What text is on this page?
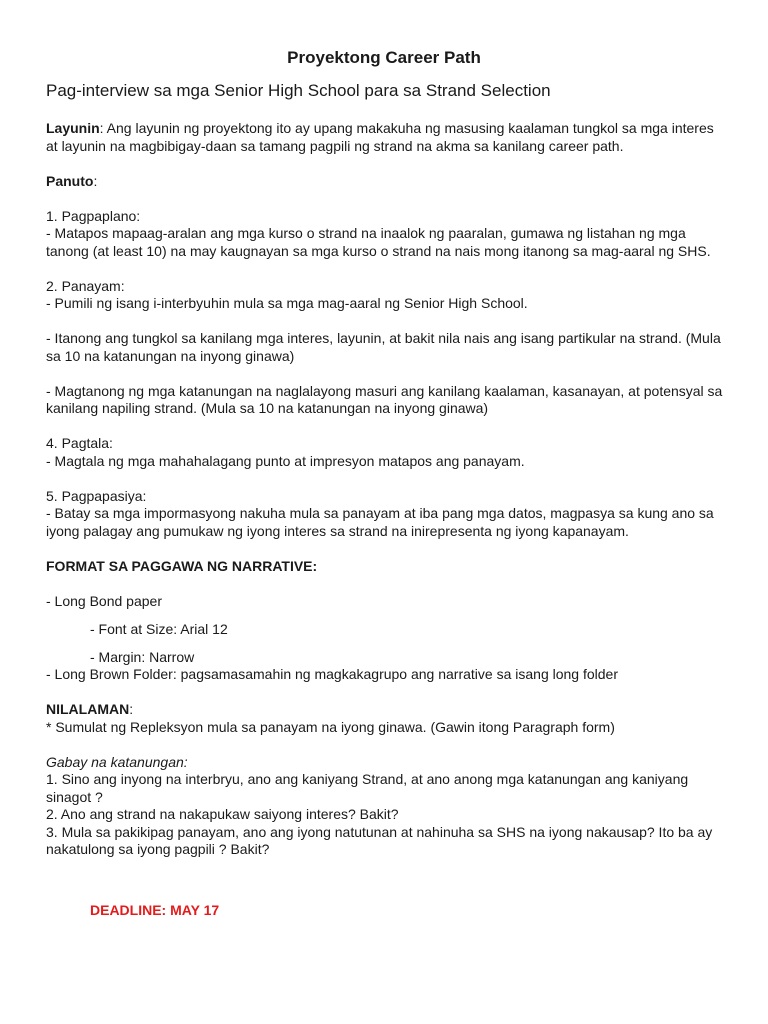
Proyektong Career Path
Pag-interview sa mga Senior High School para sa Strand Selection

Layunin: Ang layunin ng proyektong ito ay upang makakuha ng masusing kaalaman tungkol sa mga interes at layunin na magbibigay-daan sa tamang pagpili ng strand na akma sa kanilang career path.

Panuto:

1. Pagpaplano:

- Matapos mapaag-aralan ang mga kurso o strand na inaalok ng paaralan, gumawa ng listahan ng mga tanong (at least 10) na may kaugnayan sa mga kurso o strand na nais mong itanong sa mag-aaral ng SHS.

2. Panayam:

- Pumili ng isang i-interbyuhin mula sa mga mag-aaral ng Senior High School.

- Itanong ang tungkol sa kanilang mga interes, layunin, at bakit nila nais ang isang partikular na strand. (Mula sa 10 na katanungan na inyong ginawa)

- Magtanong ng mga katanungan na naglalayong masuri ang kanilang kaalaman, kasanayan, at potensyal sa kanilang napiling strand. (Mula sa 10 na katanungan na inyong ginawa)

4. Pagtala:

- Magtala ng mga mahahalagang punto at impresyon matapos ang panayam.

5. Pagpapasiya:

- Batay sa mga impormasyong nakuha mula sa panayam at iba pang mga datos, magpasya sa kung ano sa iyong palagay ang pumukaw ng iyong interes sa strand na inirepresenta ng iyong kapanayam.

FORMAT SA PAGGAWA NG NARRATIVE:

- Long Bond paper

- Font at Size: Arial 12

- Margin: Narrow

- Long Brown Folder: pagsamasamahin ng magkakagrupo ang narrative sa isang long folder

NILALAMAN:

* Sumulat ng Repleksyon mula sa panayam na iyong ginawa. (Gawin itong Paragraph form)

Gabay na katanungan:

1. Sino ang inyong na interbryu, ano ang kaniyang Strand, at ano anong mga katanungan ang kaniyang sinagot ?

2. Ano ang strand na nakapukaw saiyong interes? Bakit?

3. Mula sa pakikipag panayam, ano ang iyong natutunan at nahinuha sa SHS na iyong nakausap? Ito ba ay nakatulong sa iyong pagpili ? Bakit?

DEADLINE: MAY 17
